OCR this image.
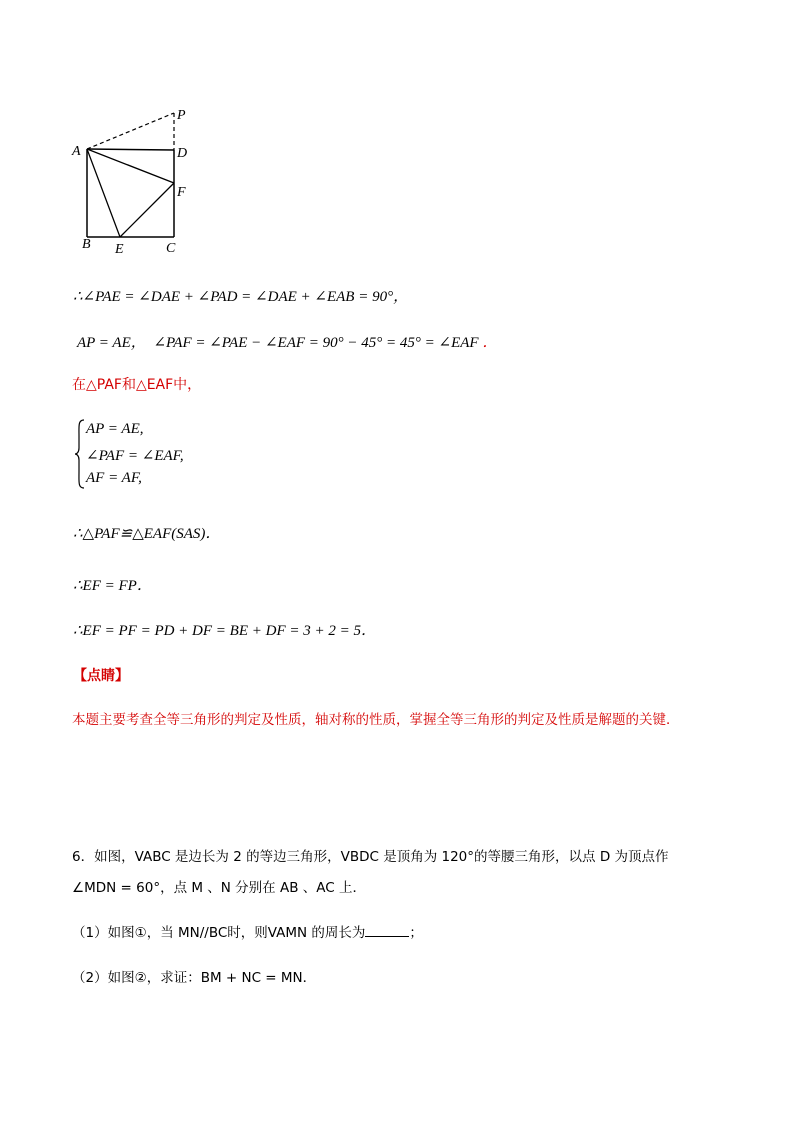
A
P
D
F
B E	C
∴∠PAE = ∠DAE + ∠PAD = ∠DAE + ∠EAB = 90°，
AP = AE， ∠PAF = ∠PAE − ∠EAF = 90° − 45° = 45° = ∠EAF ．
在△PAF和△EAF中，
AP = AE,
∠PAF = ∠EAF,
AF = AF,
∴△PAF≌△EAF(SAS)．
∴EF = FP．
∴EF = PF = PD + DF = BE + DF = 3 + 2 = 5．
【点睛】
本题主要考查全等三角形的判定及性质，轴对称的性质，掌握全等三角形的判定及性质是解题的关键．
6．如图，VABC 是边长为 2 的等边三角形，VBDC 是顶角为 120°的等腰三角形，以点 D 为顶点作
∠MDN = 60°，点 M 、N 分别在 AB 、AC 上．
（1）如图①，当 MN//BC时，则VAMN 的周长为	；
（2）如图②，求证：BM + NC = MN．
